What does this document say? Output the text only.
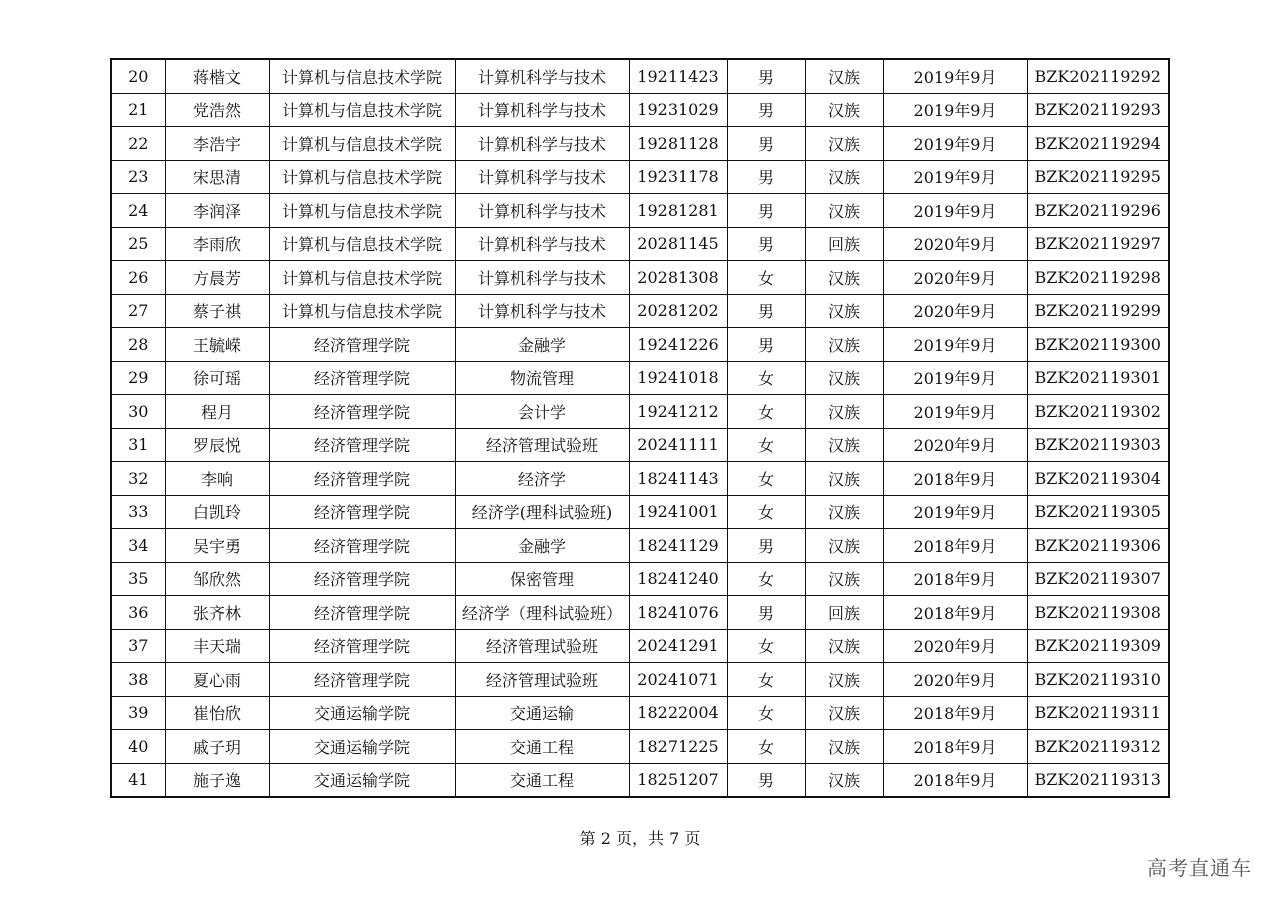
20	蒋楷文	计算机与信息技术学院	计算机科学与技术	19211423	男	汉族	2019年9月	BZK202119292
21	党浩然	计算机与信息技术学院	计算机科学与技术	19231029	男	汉族	2019年9月	BZK202119293
22	李浩宇	计算机与信息技术学院	计算机科学与技术	19281128	男	汉族	2019年9月	BZK202119294
23	宋思清	计算机与信息技术学院	计算机科学与技术	19231178	男	汉族	2019年9月	BZK202119295
24	李润泽	计算机与信息技术学院	计算机科学与技术	19281281	男	汉族	2019年9月	BZK202119296
25	李雨欣	计算机与信息技术学院	计算机科学与技术	20281145	男	回族	2020年9月	BZK202119297
26	方晨芳	计算机与信息技术学院	计算机科学与技术	20281308	女	汉族	2020年9月	BZK202119298
27	蔡子祺	计算机与信息技术学院	计算机科学与技术	20281202	男	汉族	2020年9月	BZK202119299
28	王毓嵘	经济管理学院	金融学	19241226	男	汉族	2019年9月	BZK202119300
29	徐可瑶	经济管理学院	物流管理	19241018	女	汉族	2019年9月	BZK202119301
30	程月	经济管理学院	会计学	19241212	女	汉族	2019年9月	BZK202119302
31	罗辰悦	经济管理学院	经济管理试验班	20241111	女	汉族	2020年9月	BZK202119303
32	李响	经济管理学院	经济学	18241143	女	汉族	2018年9月	BZK202119304
33	白凯玲	经济管理学院	经济学(理科试验班)	19241001	女	汉族	2019年9月	BZK202119305
34	吴宇勇	经济管理学院	金融学	18241129	男	汉族	2018年9月	BZK202119306
35	邹欣然	经济管理学院	保密管理	18241240	女	汉族	2018年9月	BZK202119307
36	张齐林	经济管理学院	经济学（理科试验班）	18241076	男	回族	2018年9月	BZK202119308
37	丰天瑞	经济管理学院	经济管理试验班	20241291	女	汉族	2020年9月	BZK202119309
38	夏心雨	经济管理学院	经济管理试验班	20241071	女	汉族	2020年9月	BZK202119310
39	崔怡欣	交通运输学院	交通运输	18222004	女	汉族	2018年9月	BZK202119311
40	戚子玥	交通运输学院	交通工程	18271225	女	汉族	2018年9月	BZK202119312
41	施子逸	交通运输学院	交通工程	18251207	男	汉族	2018年9月	BZK202119313
第 2 页，共 7 页
高考直通车
